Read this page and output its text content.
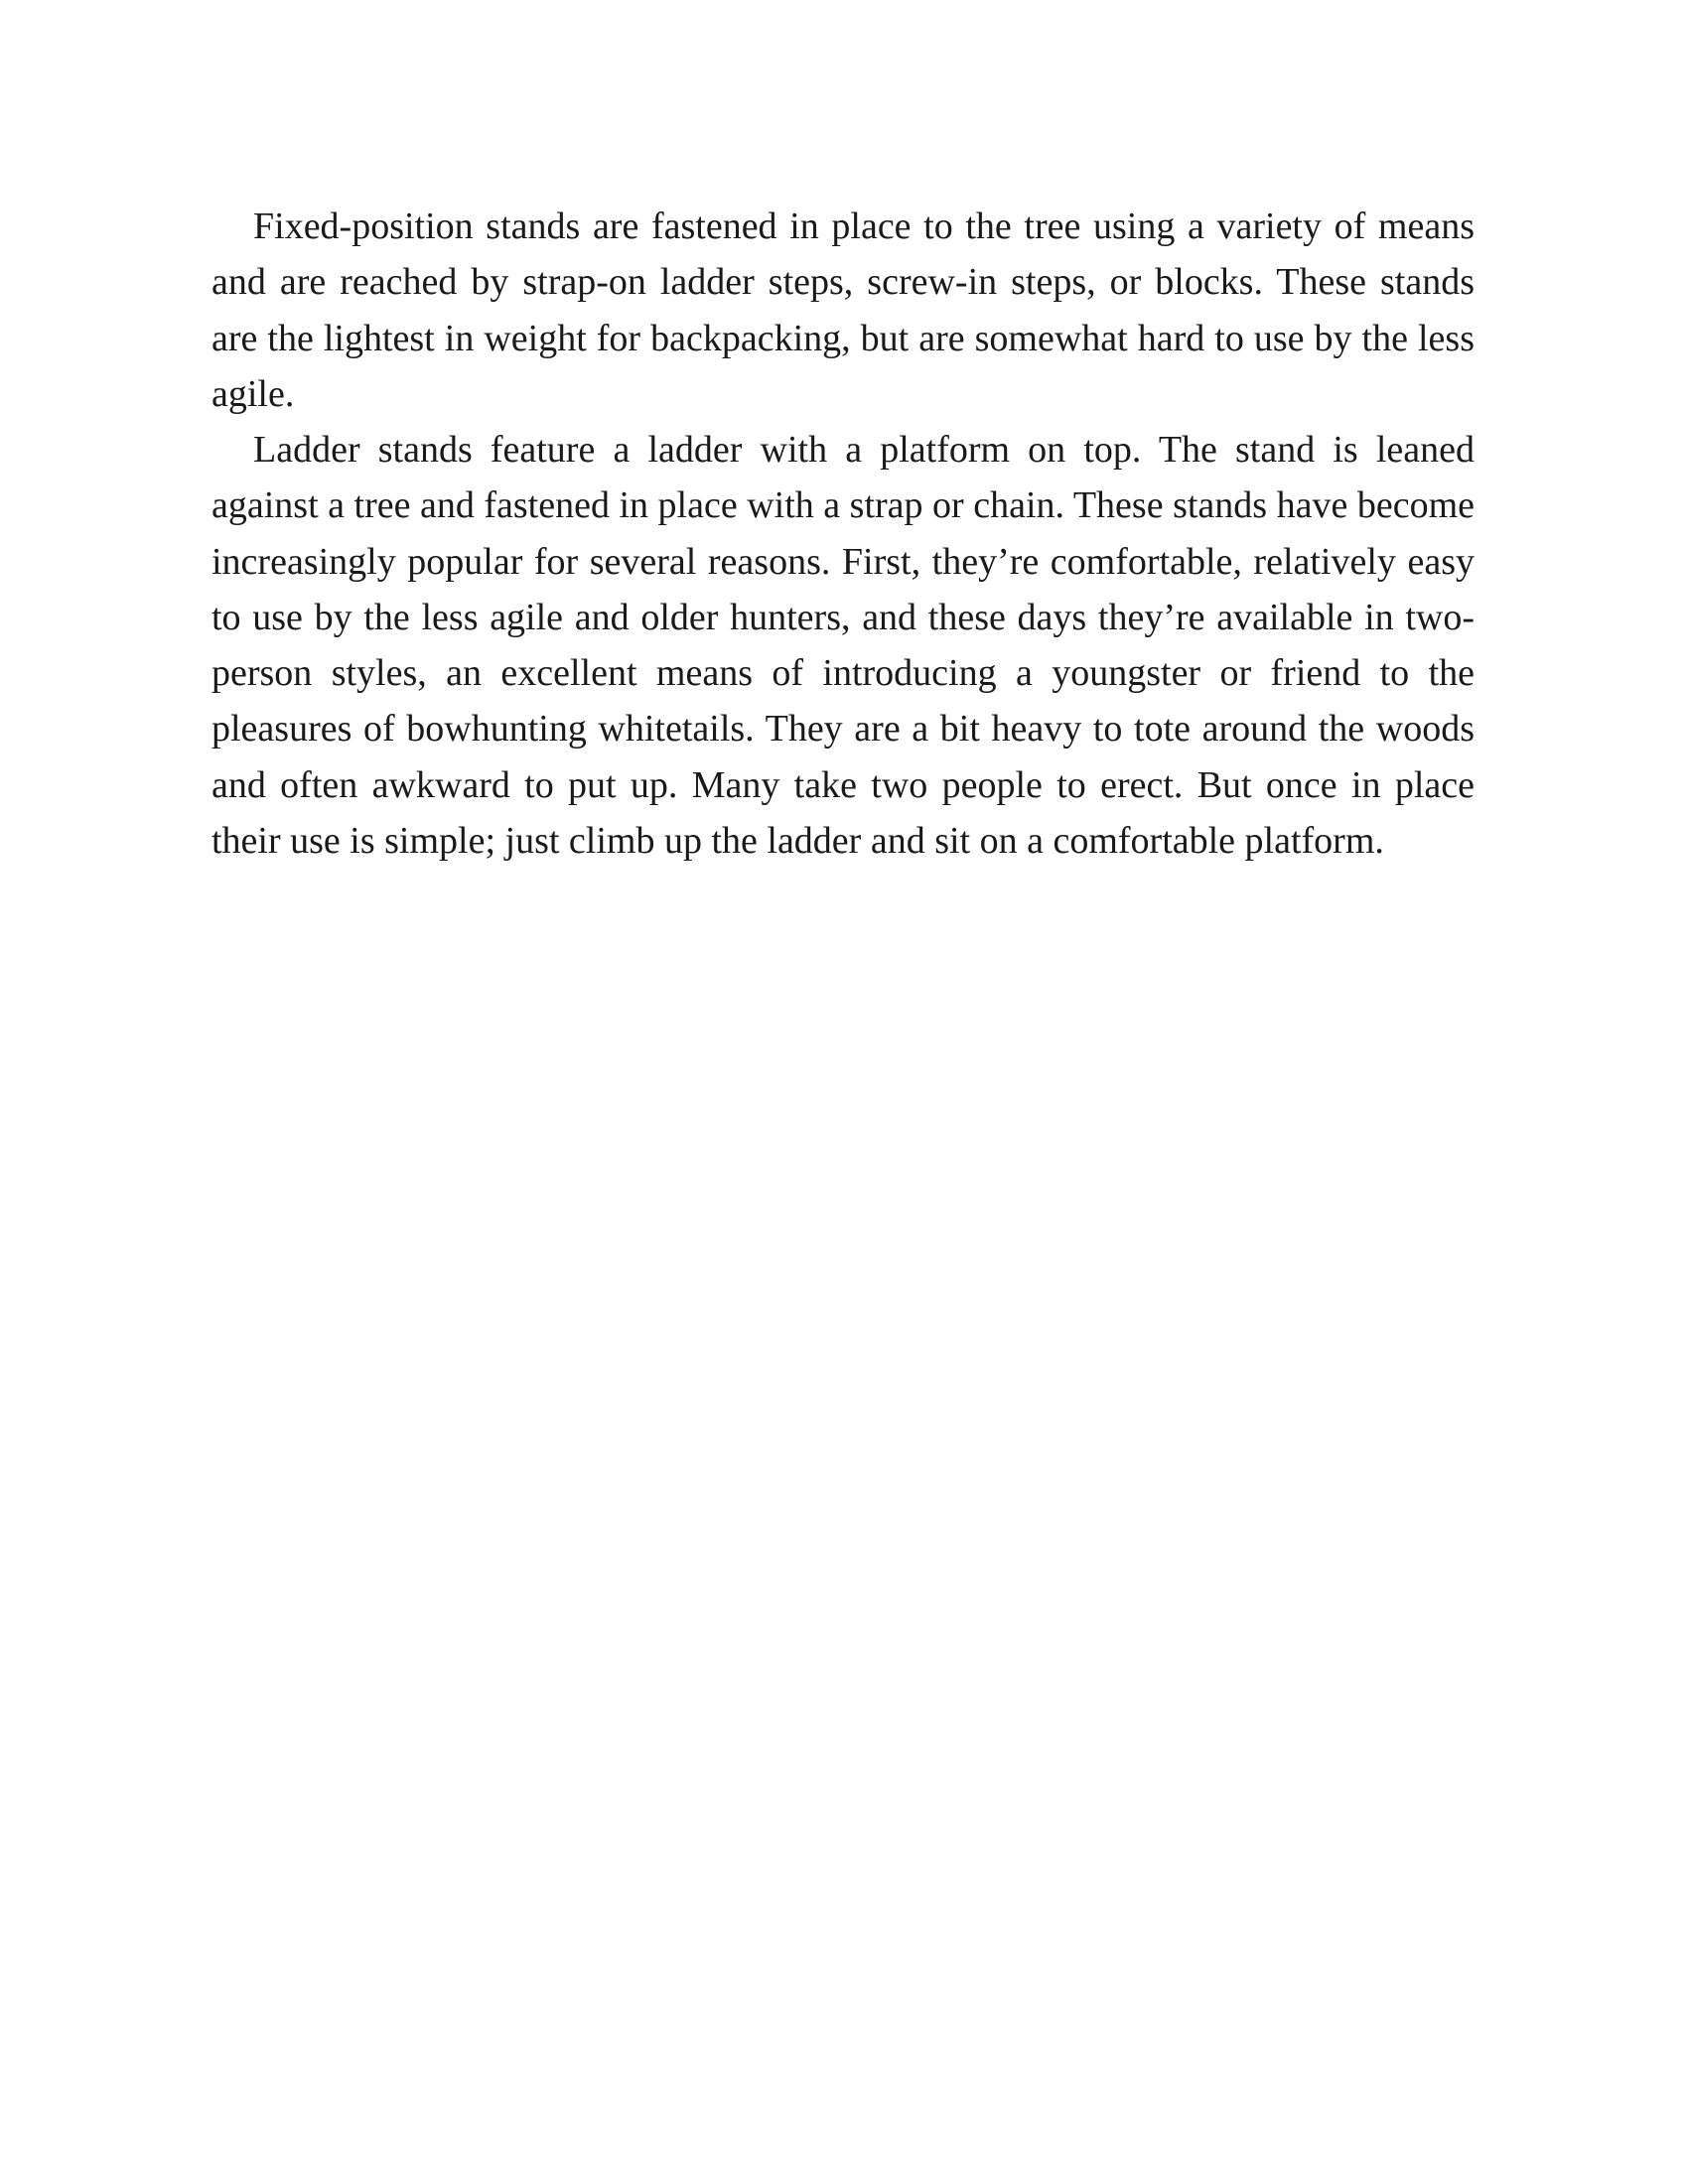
Fixed-position stands are fastened in place to the tree using a variety of means and are reached by strap-on ladder steps, screw-in steps, or blocks. These stands are the lightest in weight for backpacking, but are somewhat hard to use by the less agile.

Ladder stands feature a ladder with a platform on top. The stand is leaned against a tree and fastened in place with a strap or chain. These stands have become increasingly popular for several reasons. First, they’re comfortable, relatively easy to use by the less agile and older hunters, and these days they’re available in two-person styles, an excellent means of introducing a youngster or friend to the pleasures of bowhunting whitetails. They are a bit heavy to tote around the woods and often awkward to put up. Many take two people to erect. But once in place their use is simple; just climb up the ladder and sit on a comfortable platform.
